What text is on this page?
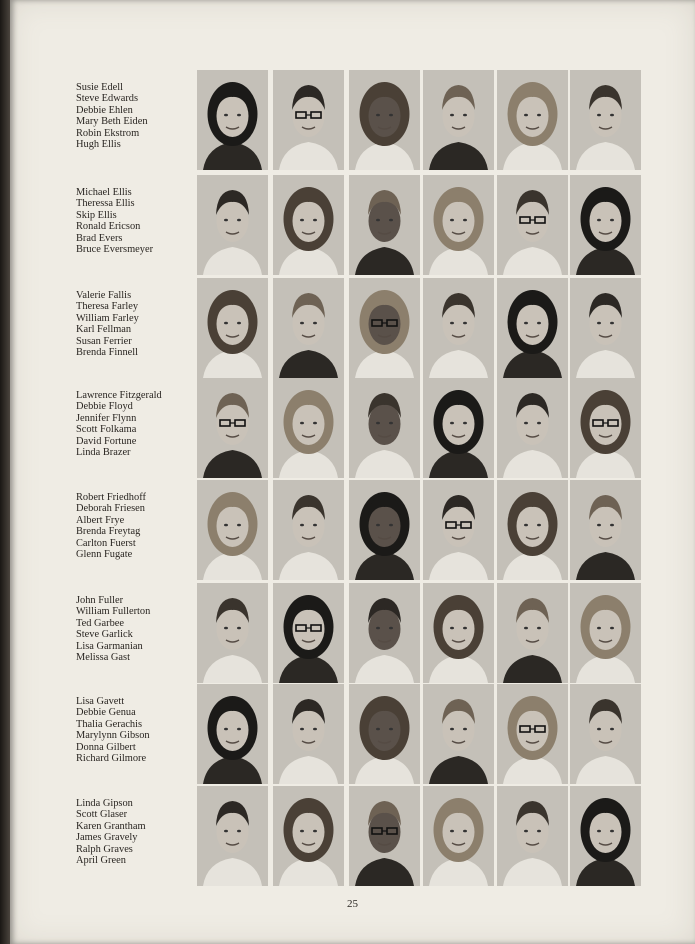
Susie Edell
Steve Edwards
Debbie Ehlen
Mary Beth Eiden
Robin Ekstrom
Hugh Ellis
Michael Ellis
Theressa Ellis
Skip Ellis
Ronald Ericson
Brad Evers
Bruce Eversmeyer
Valerie Fallis
Theresa Farley
William Farley
Karl Fellman
Susan Ferrier
Brenda Finnell
Lawrence Fitzgerald
Debbie Floyd
Jennifer Flynn
Scott Folkama
David Fortune
Linda Brazer
Robert Friedhoff
Deborah Friesen
Albert Frye
Brenda Freytag
Carlton Fuerst
Glenn Fugate
John Fuller
William Fullerton
Ted Garbee
Steve Garlick
Lisa Garmanian
Melissa Gast
Lisa Gavett
Debbie Genua
Thalia Gerachis
Marylynn Gibson
Donna Gilbert
Richard Gilmore
Linda Gipson
Scott Glaser
Karen Grantham
James Gravely
Ralph Graves
April Green
25
